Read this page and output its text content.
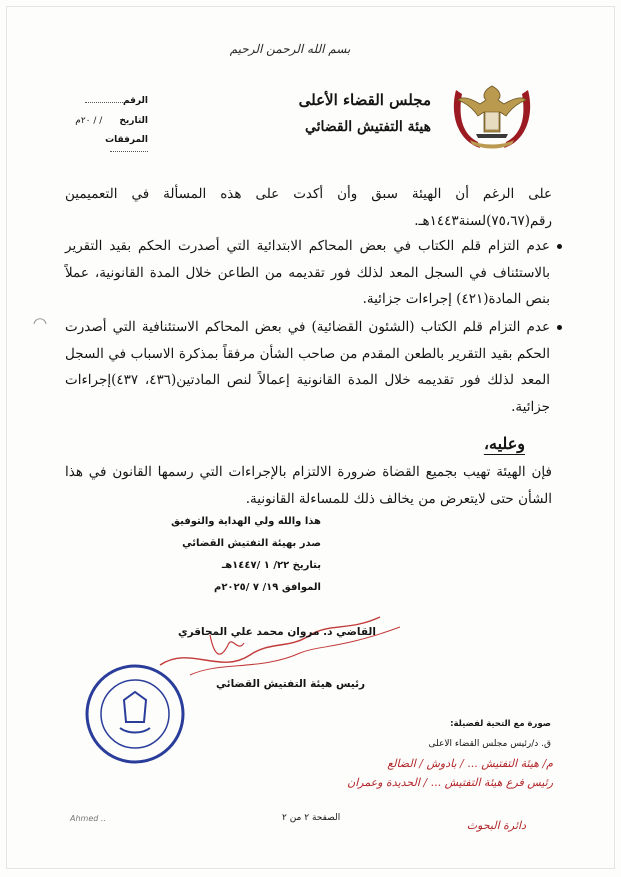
بسم الله الرحمن الرحيم
مجلس القضاء الأعلى
هيئة التفتيش القضائي
الرقم
التاريخ / / ٢٠م
المرفقات
على الرغم أن الهيئة سبق وأن أكدت على هذه المسألة في التعميمين رقم(٧٥،٦٧)لسنة١٤٤٣هـ.
عدم التزام قلم الكتاب في بعض المحاكم الابتدائية التي أصدرت الحكم بقيد التقرير بالاستئناف في السجل المعد لذلك فور تقديمه من الطاعن خلال المدة القانونية، عملاً بنص المادة(٤٢١) إجراءات جزائية.
عدم التزام قلم الكتاب (الشئون القضائية) في بعض المحاكم الاستئنافية التي أصدرت الحكم بقيد التقرير بالطعن المقدم من صاحب الشأن مرفقاً بمذكرة الاسباب في السجل المعد لذلك فور تقديمه خلال المدة القانونية إعمالاً لنص المادتين(٤٣٦، ٤٣٧)إجراءات جزائية.
وعليه،
فإن الهيئة تهيب بجميع القضاة ضرورة الالتزام بالإجراءات التي رسمها القانون في هذا الشأن حتى لايتعرض من يخالف ذلك للمساءلة القانونية.
هذا والله ولي الهداية والتوفيق
صدر بهيئة التفتيش القضائي
بتاريخ ٢٢/ ١ /١٤٤٧هـ
الموافق ١٩/ ٧ /٢٠٢٥م
القاضي د. مروان محمد علي المحاقري
رئيس هيئة التفتيش القضائي
صورة مع التحية لفضيلة:
ق. د/رئيس مجلس القضاء الاعلى
م/ هيئة التفتيش ... / بادوش / الضالع
رئيس فرع هيئة التفتيش ... / الحديدة وعمران
دائرة البحوث
الصفحة ٢ من ٢
Ahmed ..
